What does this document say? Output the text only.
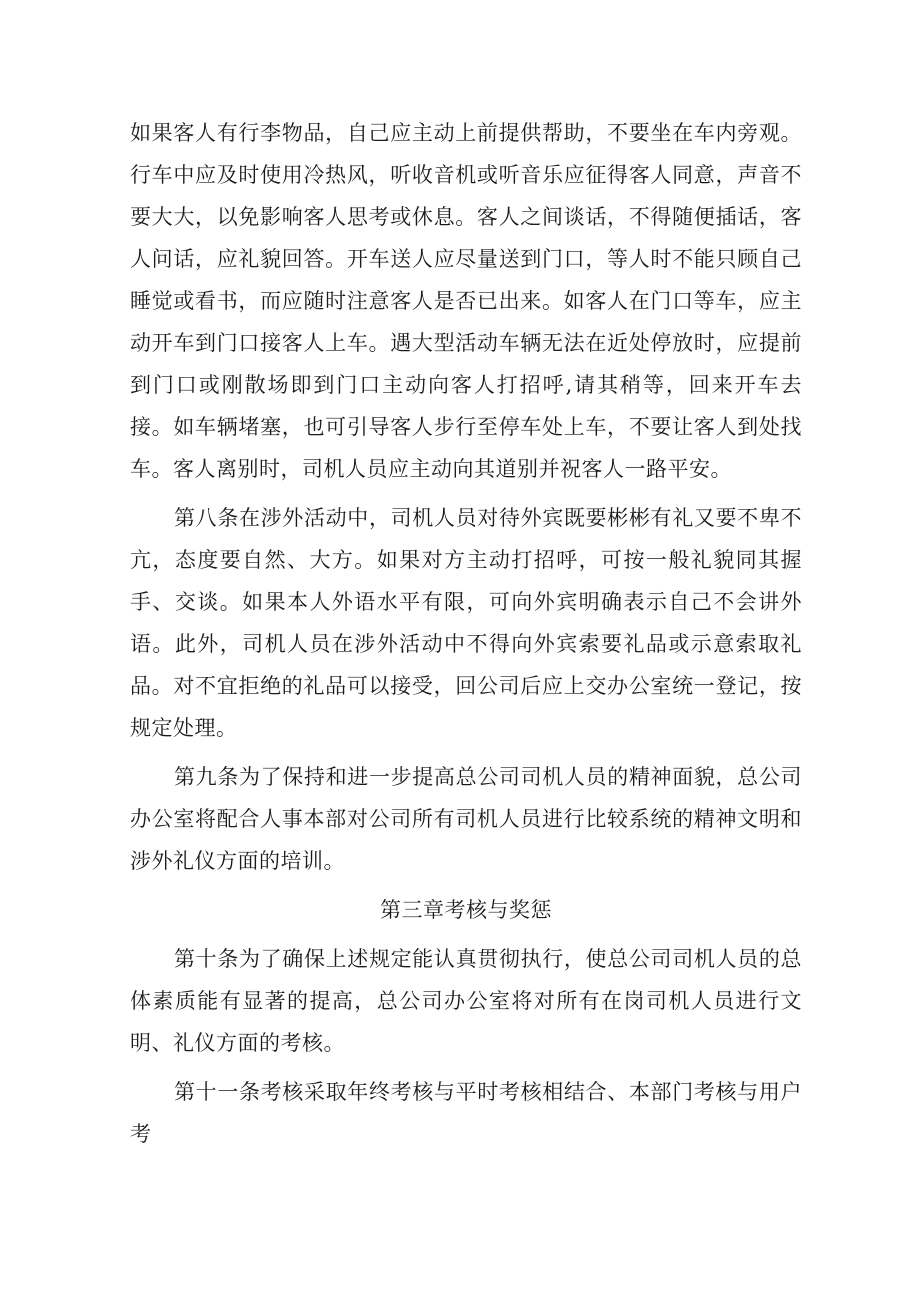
如果客人有行李物品，自己应主动上前提供帮助，不要坐在车内旁观。行车中应及时使用冷热风，听收音机或听音乐应征得客人同意，声音不要大大，以免影响客人思考或休息。客人之间谈话，不得随便插话，客人问话，应礼貌回答。开车送人应尽量送到门口，等人时不能只顾自己睡觉或看书，而应随时注意客人是否已出来。如客人在门口等车，应主动开车到门口接客人上车。遇大型活动车辆无法在近处停放时，应提前到门口或刚散场即到门口主动向客人打招呼,请其稍等，回来开车去接。如车辆堵塞，也可引导客人步行至停车处上车，不要让客人到处找车。客人离别时，司机人员应主动向其道别并祝客人一路平安。

第八条在涉外活动中，司机人员对待外宾既要彬彬有礼又要不卑不亢，态度要自然、大方。如果对方主动打招呼，可按一般礼貌同其握手、交谈。如果本人外语水平有限，可向外宾明确表示自己不会讲外语。此外，司机人员在涉外活动中不得向外宾索要礼品或示意索取礼品。对不宜拒绝的礼品可以接受，回公司后应上交办公室统一登记，按规定处理。

第九条为了保持和进一步提高总公司司机人员的精神面貌，总公司办公室将配合人事本部对公司所有司机人员进行比较系统的精神文明和涉外礼仪方面的培训。

第三章考核与奖惩

第十条为了确保上述规定能认真贯彻执行，使总公司司机人员的总体素质能有显著的提高，总公司办公室将对所有在岗司机人员进行文明、礼仪方面的考核。

第十一条考核采取年终考核与平时考核相结合、本部门考核与用户考
